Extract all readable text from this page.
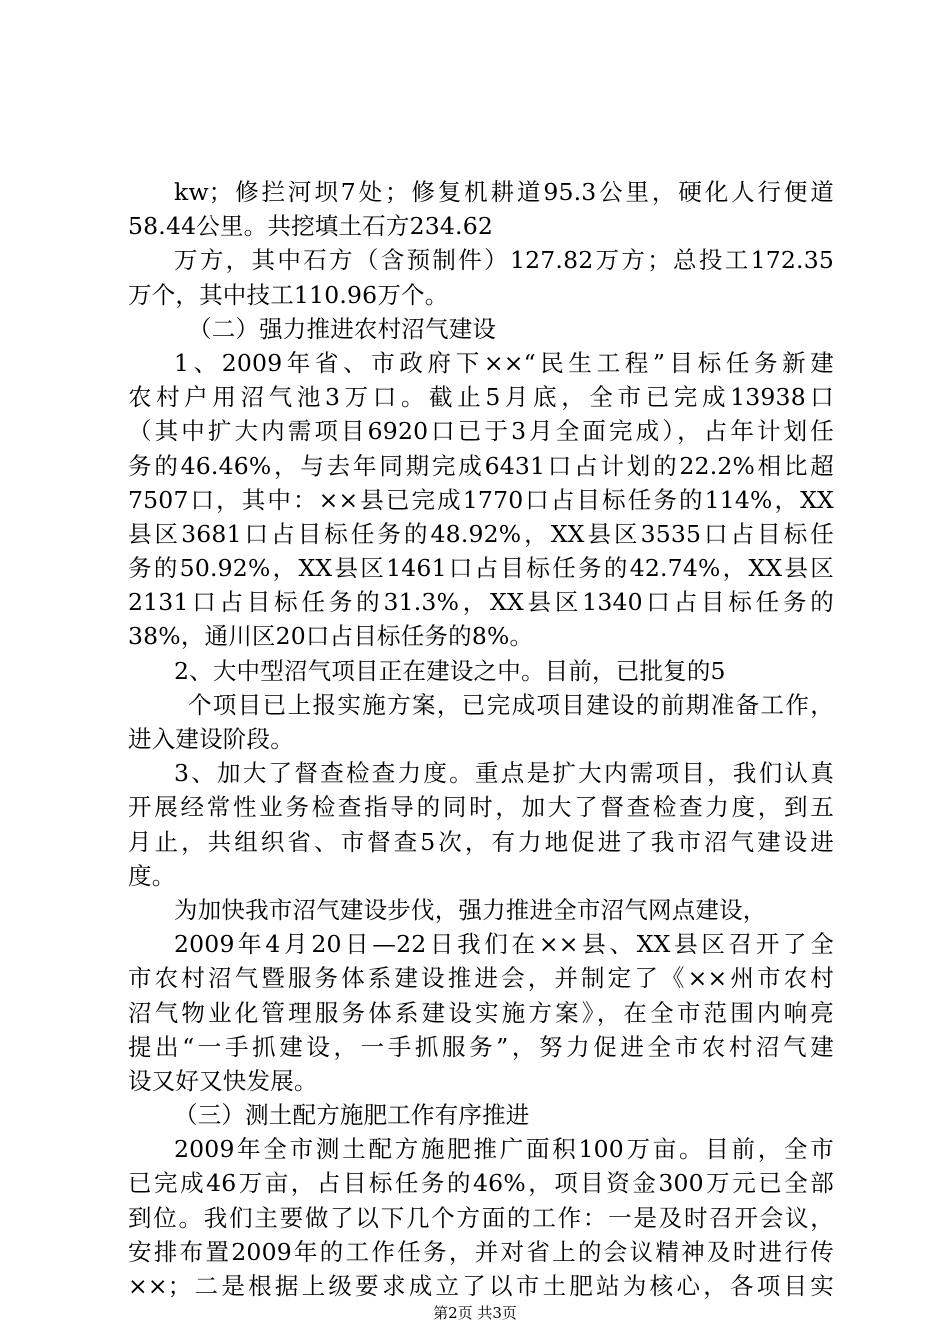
kw；修拦河坝7处；修复机耕道95.3公里，硬化人行便道
58.44公里。共挖填土石方234.62
万方，其中石方（含预制件）127.82万方；总投工172.35
万个，其中技工110.96万个。
（二）强力推进农村沼气建设
1、2009年省、市政府下××“民生工程”目标任务新建
农村户用沼气池3万口。截止5月底，全市已完成13938口
（其中扩大内需项目6920口已于3月全面完成），占年计划任
务的46.46%，与去年同期完成6431口占计划的22.2%相比超
7507口，其中：××县已完成1770口占目标任务的114%，XX
县区3681口占目标任务的48.92%，XX县区3535口占目标任
务的50.92%，XX县区1461口占目标任务的42.74%，XX县区
2131口占目标任务的31.3%，XX县区1340口占目标任务的
38%，通川区20口占目标任务的8%。
2、大中型沼气项目正在建设之中。目前，已批复的5
个项目已上报实施方案，已完成项目建设的前期准备工作，
进入建设阶段。
3、加大了督查检查力度。重点是扩大内需项目，我们认真
开展经常性业务检查指导的同时，加大了督查检查力度，到五
月止，共组织省、市督查5次，有力地促进了我市沼气建设进
度。
为加快我市沼气建设步伐，强力推进全市沼气网点建设，
2009年4月20日—22日我们在××县、XX县区召开了全
市农村沼气暨服务体系建设推进会，并制定了《××州市农村
沼气物业化管理服务体系建设实施方案》，在全市范围内响亮
提出“一手抓建设，一手抓服务”，努力促进全市农村沼气建
设又好又快发展。
（三）测土配方施肥工作有序推进
2009年全市测土配方施肥推广面积100万亩。目前，全市
已完成46万亩，占目标任务的46%，项目资金300万元已全部
到位。我们主要做了以下几个方面的工作：一是及时召开会议，
安排布置2009年的工作任务，并对省上的会议精神及时进行传
××；二是根据上级要求成立了以市土肥站为核心，各项目实
第2页 共3页
